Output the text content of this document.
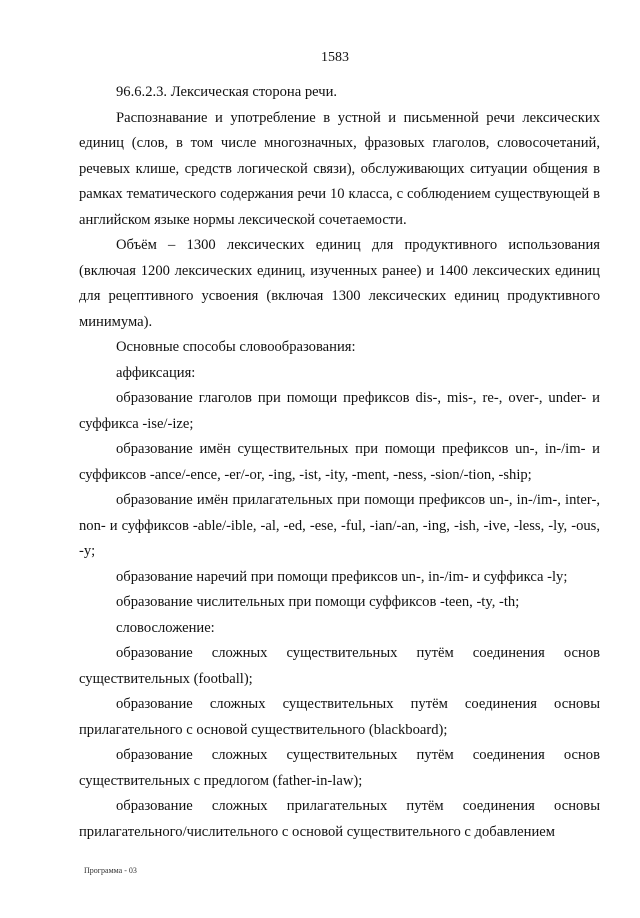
1583

96.6.2.3. Лексическая сторона речи.

Распознавание и употребление в устной и письменной речи лексических единиц (слов, в том числе многозначных, фразовых глаголов, словосочетаний, речевых клише, средств логической связи), обслуживающих ситуации общения в рамках тематического содержания речи 10 класса, с соблюдением существующей в английском языке нормы лексической сочетаемости.

Объём – 1300 лексических единиц для продуктивного использования (включая 1200 лексических единиц, изученных ранее) и 1400 лексических единиц для рецептивного усвоения (включая 1300 лексических единиц продуктивного минимума).

Основные способы словообразования:

аффиксация:

образование глаголов при помощи префиксов dis-, mis-, re-, over-, under- и суффикса -ise/-ize;

образование имён существительных при помощи префиксов un-, in-/im- и суффиксов -ance/-ence, -er/-or, -ing, -ist, -ity, -ment, -ness, -sion/-tion, -ship;

образование имён прилагательных при помощи префиксов un-, in-/im-, inter-, non- и суффиксов -able/-ible, -al, -ed, -ese, -ful, -ian/-an, -ing, -ish, -ive, -less, -ly, -ous, -y;

образование наречий при помощи префиксов un-, in-/im- и суффикса -ly;

образование числительных при помощи суффиксов -teen, -ty, -th;

словосложение:

образование сложных существительных путём соединения основ существительных (football);

образование сложных существительных путём соединения основы прилагательного с основой существительного (blackboard);

образование сложных существительных путём соединения основ существительных с предлогом (father-in-law);

образование сложных прилагательных путём соединения основы прилагательного/числительного с основой существительного с добавлением

Программа - 03
